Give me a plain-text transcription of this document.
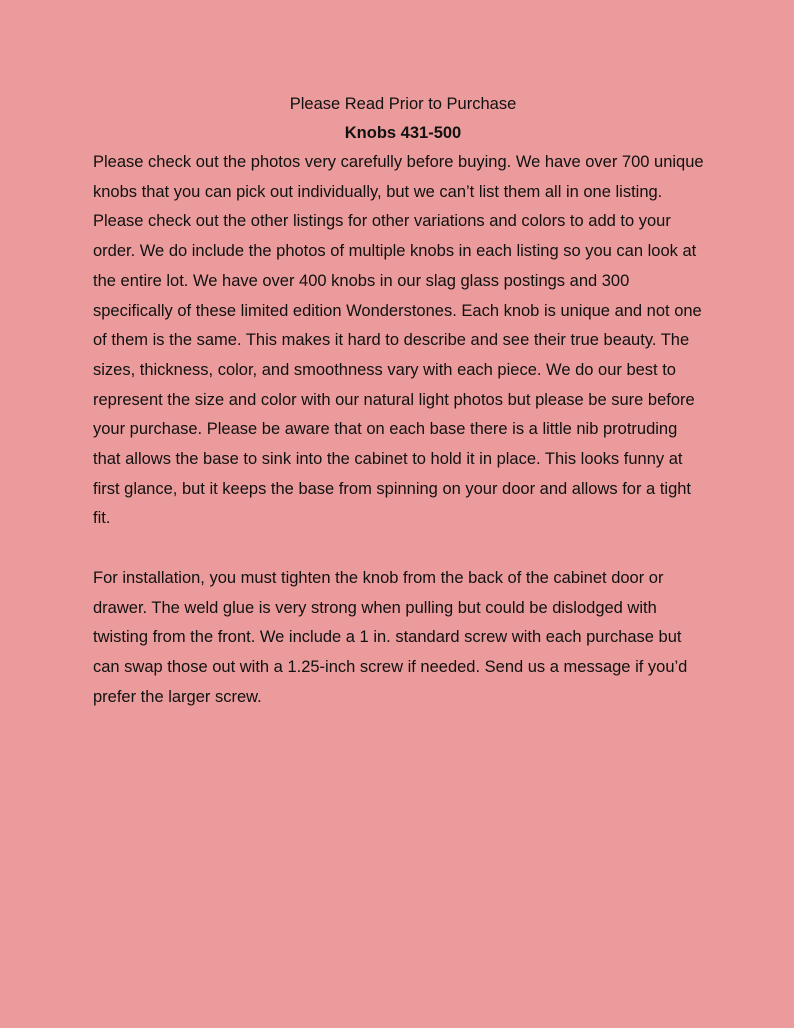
Please Read Prior to Purchase

Knobs 431-500

Please check out the photos very carefully before buying. We have over 700 unique knobs that you can pick out individually, but we can’t list them all in one listing. Please check out the other listings for other variations and colors to add to your order. We do include the photos of multiple knobs in each listing so you can look at the entire lot. We have over 400 knobs in our slag glass postings and 300 specifically of these limited edition Wonderstones. Each knob is unique and not one of them is the same. This makes it hard to describe and see their true beauty. The sizes, thickness, color, and smoothness vary with each piece. We do our best to represent the size and color with our natural light photos but please be sure before your purchase. Please be aware that on each base there is a little nib protruding that allows the base to sink into the cabinet to hold it in place. This looks funny at first glance, but it keeps the base from spinning on your door and allows for a tight fit.

For installation, you must tighten the knob from the back of the cabinet door or drawer. The weld glue is very strong when pulling but could be dislodged with twisting from the front. We include a 1 in. standard screw with each purchase but can swap those out with a 1.25-inch screw if needed. Send us a message if you’d prefer the larger screw.
